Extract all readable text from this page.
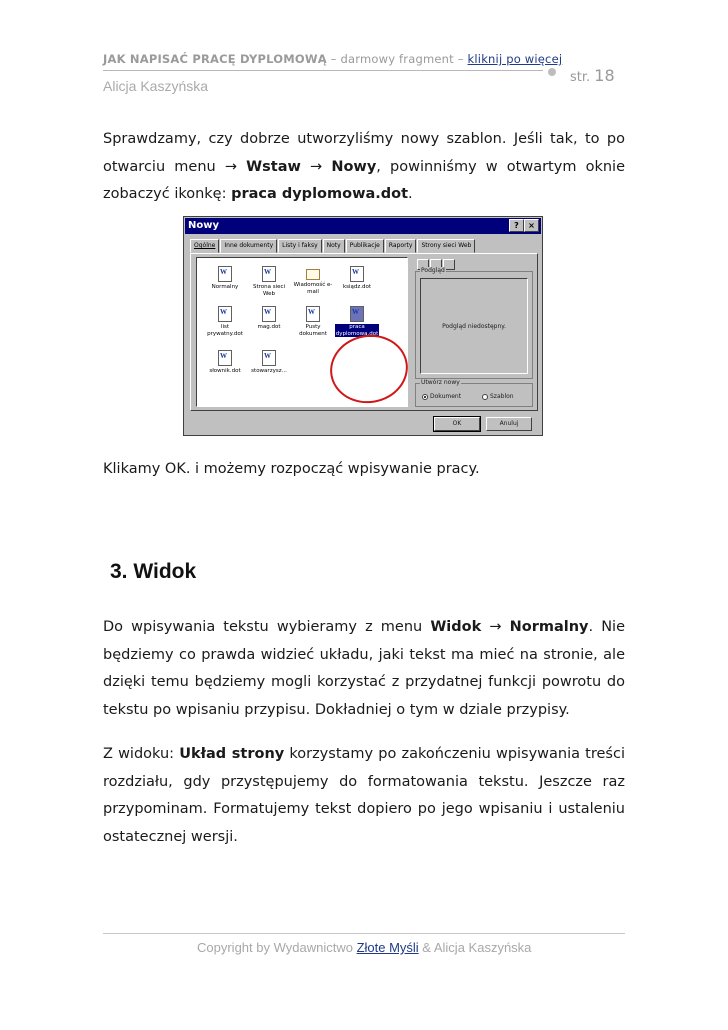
JAK NAPISAĆ PRACĘ DYPLOMOWĄ – darmowy fragment – kliknij po więcej
str. 18
Alicja Kaszyńska
Sprawdzamy, czy dobrze utworzyliśmy nowy szablon. Jeśli tak, to po otwarciu menu → Wstaw → Nowy, powinniśmy w otwartym oknie zobaczyć ikonkę: praca dyplomowa.dot.
Nowy	?	×
Ogólne	Inne dokumenty	Listy i faksy	Noty	Publikacje	Raporty	Strony sieci Web
W
Normalny
W	Strona sieci Web
Wiadomość e-mail
W
ksiądz.dot
W
list prywatny.dot
W
mag.dot
W	Pusty dokument
W
praca dyplomowa.dot
W
słownik.dot
W	stowarzysz...
Podgląd
Podgląd niedostępny.
Utwórz nowy
Dokument	Szablon
OK	Anuluj
Klikamy OK. i możemy rozpocząć wpisywanie pracy.
3. Widok
Do wpisywania tekstu wybieramy z menu Widok → Normalny. Nie będziemy co prawda widzieć układu, jaki tekst ma mieć na stronie, ale dzięki temu będziemy mogli korzystać z przydatnej funkcji powrotu do tekstu po wpisaniu przypisu. Dokładniej o tym w dziale przypisy.
Z widoku: Układ strony korzystamy po zakończeniu wpisywania treści rozdziału, gdy przystępujemy do formatowania tekstu. Jeszcze raz przypominam. Formatujemy tekst dopiero po jego wpisaniu i ustaleniu ostatecznej wersji.
Copyright by Wydawnictwo Złote Myśli & Alicja Kaszyńska
